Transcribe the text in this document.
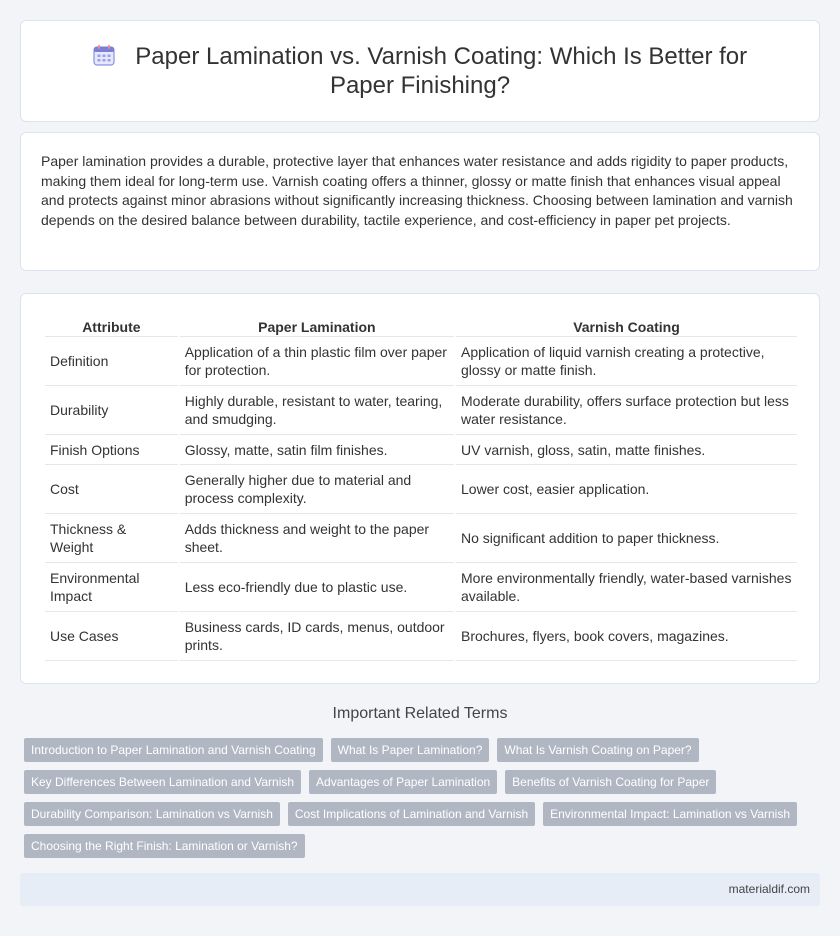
Paper Lamination vs. Varnish Coating: Which Is Better for Paper Finishing?

Paper lamination provides a durable, protective layer that enhances water resistance and adds rigidity to paper products, making them ideal for long-term use. Varnish coating offers a thinner, glossy or matte finish that enhances visual appeal and protects against minor abrasions without significantly increasing thickness. Choosing between lamination and varnish depends on the desired balance between durability, tactile experience, and cost-efficiency in paper pet projects.

Attribute	Paper Lamination	Varnish Coating
Definition	Application of a thin plastic film over paper for protection.	Application of liquid varnish creating a protective, glossy or matte finish.
Durability	Highly durable, resistant to water, tearing, and smudging.	Moderate durability, offers surface protection but less water resistance.
Finish Options	Glossy, matte, satin film finishes.	UV varnish, gloss, satin, matte finishes.
Cost	Generally higher due to material and process complexity.	Lower cost, easier application.
Thickness & Weight	Adds thickness and weight to the paper sheet.	No significant addition to paper thickness.
Environmental Impact	Less eco-friendly due to plastic use.	More environmentally friendly, water-based varnishes available.
Use Cases	Business cards, ID cards, menus, outdoor prints.	Brochures, flyers, book covers, magazines.
Important Related Terms
Introduction to Paper Lamination and Varnish Coating	What Is Paper Lamination?	What Is Varnish Coating on Paper?
Key Differences Between Lamination and Varnish	Advantages of Paper Lamination	Benefits of Varnish Coating for Paper
Durability Comparison: Lamination vs Varnish	Cost Implications of Lamination and Varnish	Environmental Impact: Lamination vs Varnish
Choosing the Right Finish: Lamination or Varnish?
materialdif.com
